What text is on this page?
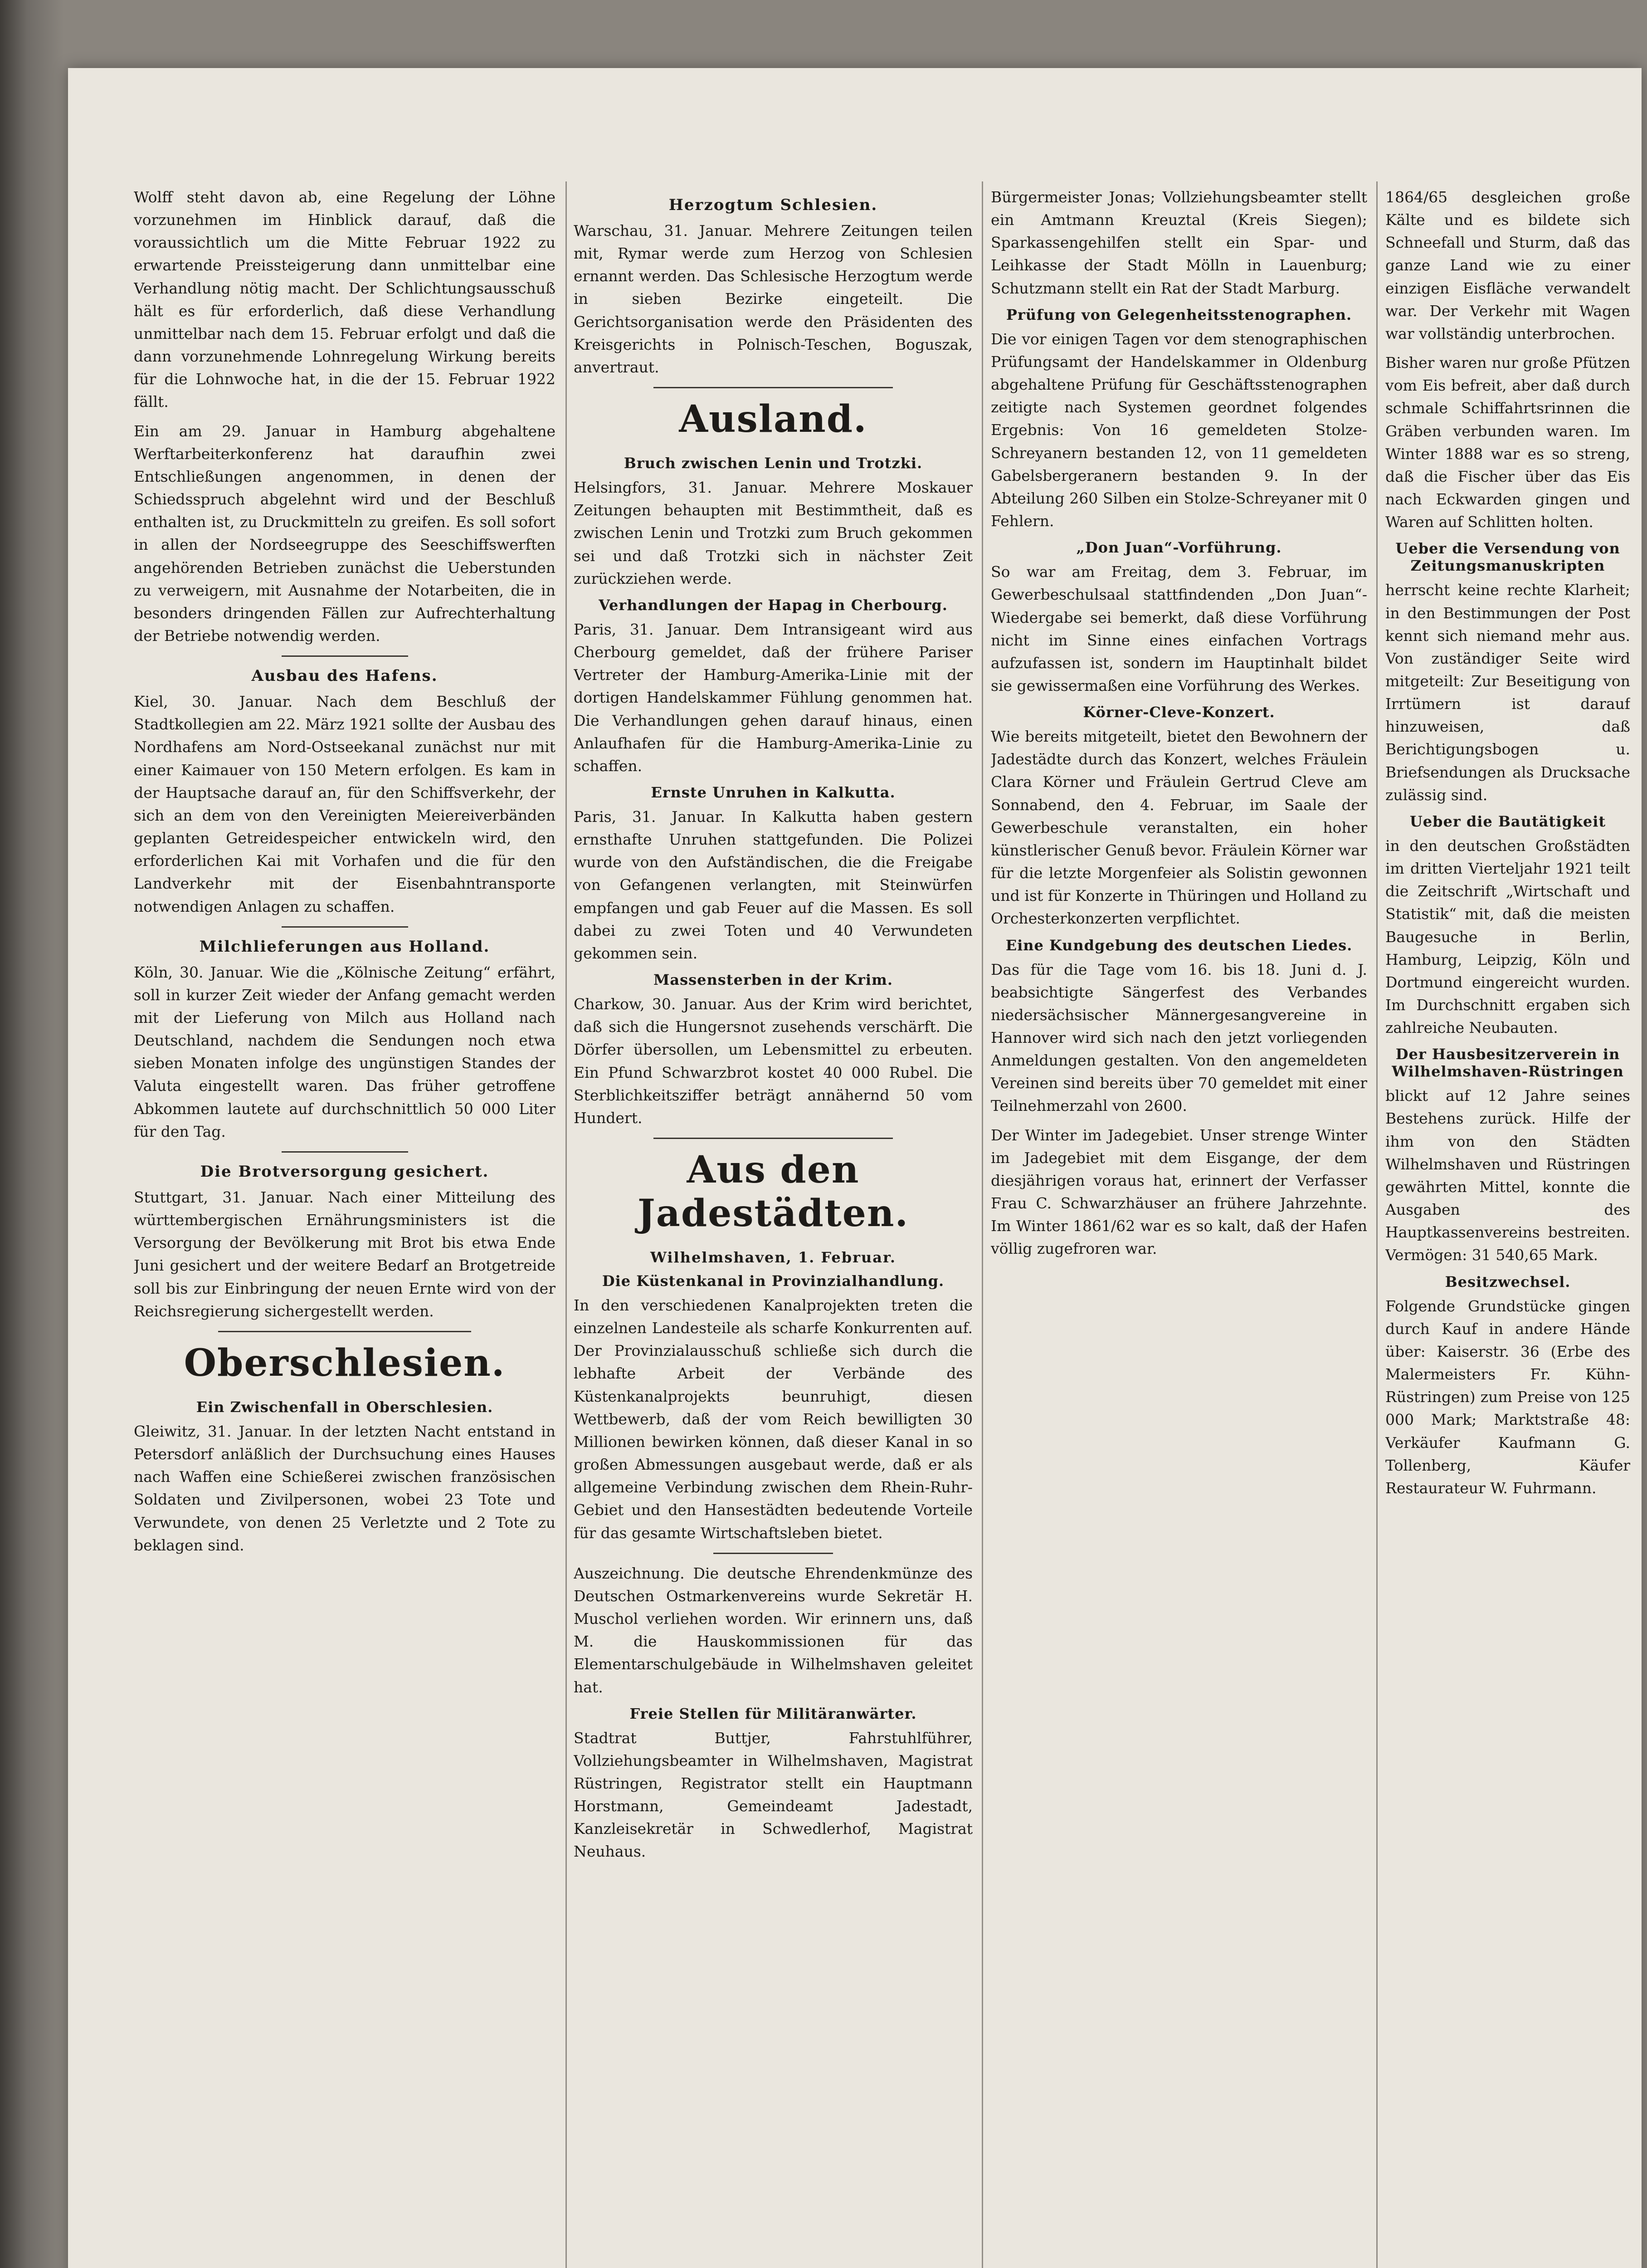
Wolff steht davon ab, eine Regelung der Löhne vorzunehmen im Hinblick darauf, daß die voraussichtlich um die Mitte Februar 1922 zu erwartende Preissteigerung dann unmittelbar eine Verhandlung nötig macht. Der Schlichtungsausschuß hält es für erforderlich, daß diese Verhandlung unmittelbar nach dem 15. Februar erfolgt und daß die dann vorzunehmende Lohnregelung Wirkung bereits für die Lohnwoche hat, in die der 15. Februar 1922 fällt.

Ein am 29. Januar in Hamburg abgehaltene Werftarbeiterkonferenz hat daraufhin zwei Entschließungen angenommen, in denen der Schiedsspruch abgelehnt wird und der Beschluß enthalten ist, zu Druckmitteln zu greifen. Es soll sofort in allen der Nordseegruppe des Seeschiffswerften angehörenden Betrieben zunächst die Ueberstunden zu verweigern, mit Ausnahme der Notarbeiten, die in besonders dringenden Fällen zur Aufrechterhaltung der Betriebe notwendig werden.

Ausbau des Hafens.

Kiel, 30. Januar. Nach dem Beschluß der Stadtkollegien am 22. März 1921 sollte der Ausbau des Nordhafens am Nord-Ostseekanal zunächst nur mit einer Kaimauer von 150 Metern erfolgen. Es kam in der Hauptsache darauf an, für den Schiffsverkehr, der sich an dem von den Vereinigten Meiereiverbänden geplanten Getreidespeicher entwickeln wird, den erforderlichen Kai mit Vorhafen und die für den Landverkehr mit der Eisenbahntransporte notwendigen Anlagen zu schaffen.

Milchlieferungen aus Holland.

Köln, 30. Januar. Wie die „Kölnische Zeitung“ erfährt, soll in kurzer Zeit wieder der Anfang gemacht werden mit der Lieferung von Milch aus Holland nach Deutschland, nachdem die Sendungen noch etwa sieben Monaten infolge des ungünstigen Standes der Valuta eingestellt waren. Das früher getroffene Abkommen lautete auf durchschnittlich 50 000 Liter für den Tag.

Die Brotversorgung gesichert.

Stuttgart, 31. Januar. Nach einer Mitteilung des württembergischen Ernährungsministers ist die Versorgung der Bevölkerung mit Brot bis etwa Ende Juni gesichert und der weitere Bedarf an Brotgetreide soll bis zur Einbringung der neuen Ernte wird von der Reichsregierung sichergestellt werden.

Oberschlesien.
Ein Zwischenfall in Oberschlesien.

Gleiwitz, 31. Januar. In der letzten Nacht entstand in Petersdorf anläßlich der Durchsuchung eines Hauses nach Waffen eine Schießerei zwischen französischen Soldaten und Zivilpersonen, wobei 23 Tote und Verwundete, von denen 25 Verletzte und 2 Tote zu beklagen sind.

Herzogtum Schlesien.

Warschau, 31. Januar. Mehrere Zeitungen teilen mit, Rymar werde zum Herzog von Schlesien ernannt werden. Das Schlesische Herzogtum werde in sieben Bezirke eingeteilt. Die Gerichtsorganisation werde den Präsidenten des Kreisgerichts in Polnisch-Teschen, Boguszak, anvertraut.

Ausland.
Bruch zwischen Lenin und Trotzki.

Helsingfors, 31. Januar. Mehrere Moskauer Zeitungen behaupten mit Bestimmtheit, daß es zwischen Lenin und Trotzki zum Bruch gekommen sei und daß Trotzki sich in nächster Zeit zurückziehen werde.

Verhandlungen der Hapag in Cherbourg.

Paris, 31. Januar. Dem Intransigeant wird aus Cherbourg gemeldet, daß der frühere Pariser Vertreter der Hamburg-Amerika-Linie mit der dortigen Handelskammer Fühlung genommen hat. Die Verhandlungen gehen darauf hinaus, einen Anlaufhafen für die Hamburg-Amerika-Linie zu schaffen.

Ernste Unruhen in Kalkutta.

Paris, 31. Januar. In Kalkutta haben gestern ernsthafte Unruhen stattgefunden. Die Polizei wurde von den Aufständischen, die die Freigabe von Gefangenen verlangten, mit Steinwürfen empfangen und gab Feuer auf die Massen. Es soll dabei zu zwei Toten und 40 Verwundeten gekommen sein.

Massensterben in der Krim.

Charkow, 30. Januar. Aus der Krim wird berichtet, daß sich die Hungersnot zusehends verschärft. Die Dörfer übersollen, um Lebensmittel zu erbeuten. Ein Pfund Schwarzbrot kostet 40 000 Rubel. Die Sterblichkeitsziffer beträgt annähernd 50 vom Hundert.

Aus den Jadestädten.
Wilhelmshaven, 1. Februar.
Die Küstenkanal in Provinzialhandlung.

In den verschiedenen Kanalprojekten treten die einzelnen Landesteile als scharfe Konkurrenten auf. Der Provinzialausschuß schließe sich durch die lebhafte Arbeit der Verbände des Küstenkanalprojekts beunruhigt, diesen Wettbewerb, daß der vom Reich bewilligten 30 Millionen bewirken können, daß dieser Kanal in so großen Abmessungen ausgebaut werde, daß er als allgemeine Verbindung zwischen dem Rhein-Ruhr-Gebiet und den Hansestädten bedeutende Vorteile für das gesamte Wirtschaftsleben bietet.

Auszeichnung. Die deutsche Ehrendenkmünze des Deutschen Ostmarkenvereins wurde Sekretär H. Muschol verliehen worden. Wir erinnern uns, daß M. die Hauskommissionen für das Elementarschulgebäude in Wilhelmshaven geleitet hat.

Freie Stellen für Militäranwärter.

Stadtrat Buttjer, Fahrstuhlführer, Vollziehungsbeamter in Wilhelmshaven, Magistrat Rüstringen, Registrator stellt ein Hauptmann Horstmann, Gemeindeamt Jadestadt, Kanzleisekretär in Schwedlerhof, Magistrat Neuhaus.

Bürgermeister Jonas; Vollziehungsbeamter stellt ein Amtmann Kreuztal (Kreis Siegen); Sparkassengehilfen stellt ein Spar- und Leihkasse der Stadt Mölln in Lauenburg; Schutzmann stellt ein Rat der Stadt Marburg.

Prüfung von Gelegenheitsstenographen.

Die vor einigen Tagen vor dem stenographischen Prüfungsamt der Handelskammer in Oldenburg abgehaltene Prüfung für Geschäftsstenographen zeitigte nach Systemen geordnet folgendes Ergebnis: Von 16 gemeldeten Stolze-Schreyanern bestanden 12, von 11 gemeldeten Gabelsbergeranern bestanden 9. In der Abteilung 260 Silben ein Stolze-Schreyaner mit 0 Fehlern.

„Don Juan“-Vorführung.

So war am Freitag, dem 3. Februar, im Gewerbeschulsaal stattfindenden „Don Juan“-Wiedergabe sei bemerkt, daß diese Vorführung nicht im Sinne eines einfachen Vortrags aufzufassen ist, sondern im Hauptinhalt bildet sie gewissermaßen eine Vorführung des Werkes.

Körner-Cleve-Konzert.

Wie bereits mitgeteilt, bietet den Bewohnern der Jadestädte durch das Konzert, welches Fräulein Clara Körner und Fräulein Gertrud Cleve am Sonnabend, den 4. Februar, im Saale der Gewerbeschule veranstalten, ein hoher künstlerischer Genuß bevor. Fräulein Körner war für die letzte Morgenfeier als Solistin gewonnen und ist für Konzerte in Thüringen und Holland zu Orchesterkonzerten verpflichtet.

Eine Kundgebung des deutschen Liedes.

Das für die Tage vom 16. bis 18. Juni d. J. beabsichtigte Sängerfest des Verbandes niedersächsischer Männergesangvereine in Hannover wird sich nach den jetzt vorliegenden Anmeldungen gestalten. Von den angemeldeten Vereinen sind bereits über 70 gemeldet mit einer Teilnehmerzahl von 2600.

Der Winter im Jadegebiet. Unser strenge Winter im Jadegebiet mit dem Eisgange, der dem diesjährigen voraus hat, erinnert der Verfasser Frau C. Schwarzhäuser an frühere Jahrzehnte. Im Winter 1861/62 war es so kalt, daß der Hafen völlig zugefroren war.

1864/65 desgleichen große Kälte und es bildete sich Schneefall und Sturm, daß das ganze Land wie zu einer einzigen Eisfläche verwandelt war. Der Verkehr mit Wagen war vollständig unterbrochen.

Bisher waren nur große Pfützen vom Eis befreit, aber daß durch schmale Schiffahrtsrinnen die Gräben verbunden waren. Im Winter 1888 war es so streng, daß die Fischer über das Eis nach Eckwarden gingen und Waren auf Schlitten holten.

Ueber die Versendung von Zeitungsmanuskripten

herrscht keine rechte Klarheit; in den Bestimmungen der Post kennt sich niemand mehr aus. Von zuständiger Seite wird mitgeteilt: Zur Beseitigung von Irrtümern ist darauf hinzuweisen, daß Berichtigungsbogen u. Briefsendungen als Drucksache zulässig sind.

Ueber die Bautätigkeit

in den deutschen Großstädten im dritten Vierteljahr 1921 teilt die Zeitschrift „Wirtschaft und Statistik“ mit, daß die meisten Baugesuche in Berlin, Hamburg, Leipzig, Köln und Dortmund eingereicht wurden. Im Durchschnitt ergaben sich zahlreiche Neubauten.

Der Hausbesitzerverein in Wilhelmshaven-Rüstringen

blickt auf 12 Jahre seines Bestehens zurück. Hilfe der ihm von den Städten Wilhelmshaven und Rüstringen gewährten Mittel, konnte die Ausgaben des Hauptkassenvereins bestreiten. Vermögen: 31 540,65 Mark.

Besitzwechsel.

Folgende Grundstücke gingen durch Kauf in andere Hände über: Kaiserstr. 36 (Erbe des Malermeisters Fr. Kühn-Rüstringen) zum Preise von 125 000 Mark; Marktstraße 48: Verkäufer Kaufmann G. Tollenberg, Käufer Restaurateur W. Fuhrmann.
